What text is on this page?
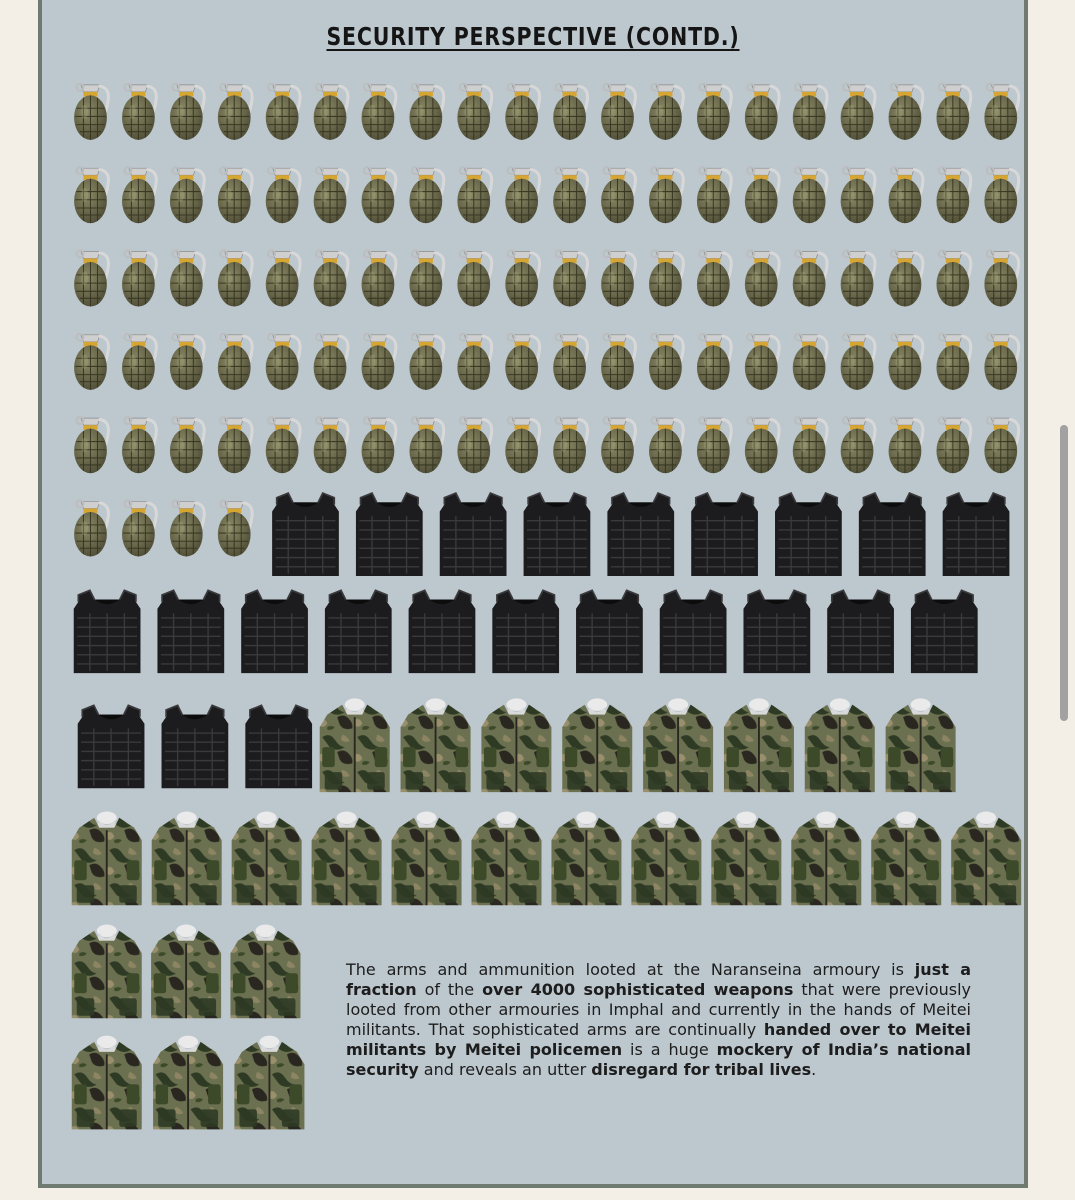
SECURITY PERSPECTIVE (CONTD.)
The arms and ammunition looted at the Naranseina armoury is just a fraction of the over 4000 sophisticated weapons that were previously looted from other armouries in Imphal and currently in the hands of Meitei militants. That sophisticated arms are continually handed over to Meitei militants by Meitei policemen is a huge mockery of India’s national security and reveals an utter disregard for tribal lives.
